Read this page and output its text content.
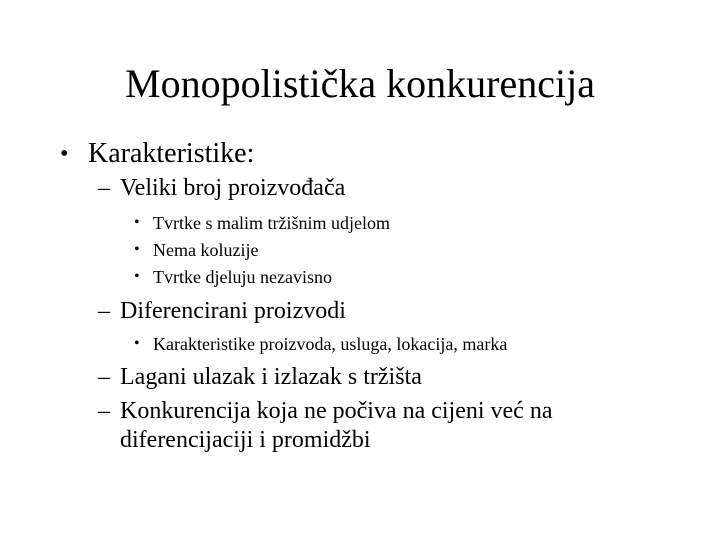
Monopolistička konkurencija
• Karakteristike:
– Veliki broj proizvođača
• Tvrtke s malim tržišnim udjelom
• Nema koluzije
• Tvrtke djeluju nezavisno
– Diferencirani proizvodi
• Karakteristike proizvoda, usluga, lokacija, marka
– Lagani ulazak i izlazak s tržišta
– Konkurencija koja ne počiva na cijeni već na
diferencijaciji i promidžbi
